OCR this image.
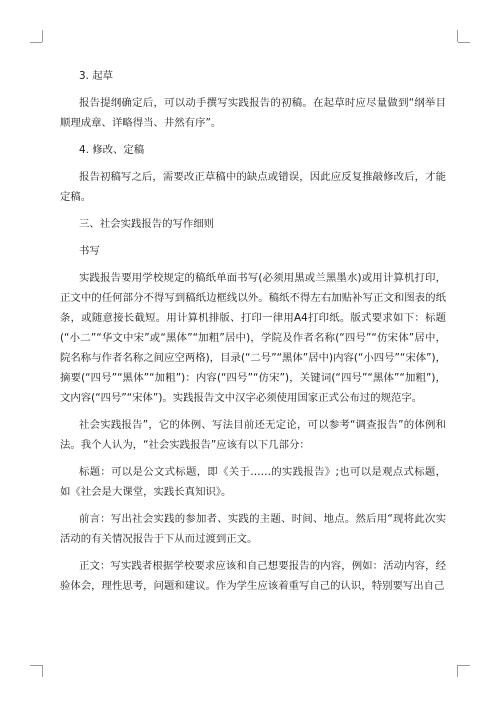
3. 起草
报告提纲确定后，可以动手撰写实践报告的初稿。在起草时应尽量做到“纲举目
顺理成章、详略得当、井然有序”。
4. 修改、定稿
报告初稿写之后，需要改正草稿中的缺点或错误，因此应反复推敲修改后，才能
定稿。
三、社会实践报告的写作细则
书写
实践报告要用学校规定的稿纸单面书写(必须用黑或兰黑墨水)或用计算机打印，
正文中的任何部分不得写到稿纸边框线以外。稿纸不得左右加贴补写正文和图表的纸
条，或随意接长截短。用计算机排版、打印一律用A4打印纸。版式要求如下：标题
(“小二”“华文中宋”或“黑体”“加粗”居中)，学院及作者名称(“四号”“仿宋体”居中，
院名称与作者名称之间应空两格)，目录(“二号”“黑体”居中)内容(“小四号”“宋体”)，
摘要(“四号”“黑体”“加粗”)：内容(“四号”“仿宋”)，关键词(“四号”“黑体”“加粗”)，
文内容(“四号”“宋体”)。实践报告文中汉字必须使用国家正式公布过的规范字。
社会实践报告”，它的体例、写法目前还无定论，可以参考“调查报告”的体例和
法。我个人认为，“社会实践报告”应该有以下几部分：
标题：可以是公文式标题，即《关于……的实践报告》;也可以是观点式标题，
如《社会是大课堂，实践长真知识》。
前言：写出社会实践的参加者、实践的主题、时间、地点。然后用“现将此次实
活动的有关情况报告于下从而过渡到正文。
正文：写实践者根据学校要求应该和自己想要报告的内容，例如：活动内容，经
验体会，理性思考，问题和建议。作为学生应该着重写自己的认识，特别要写出自己
